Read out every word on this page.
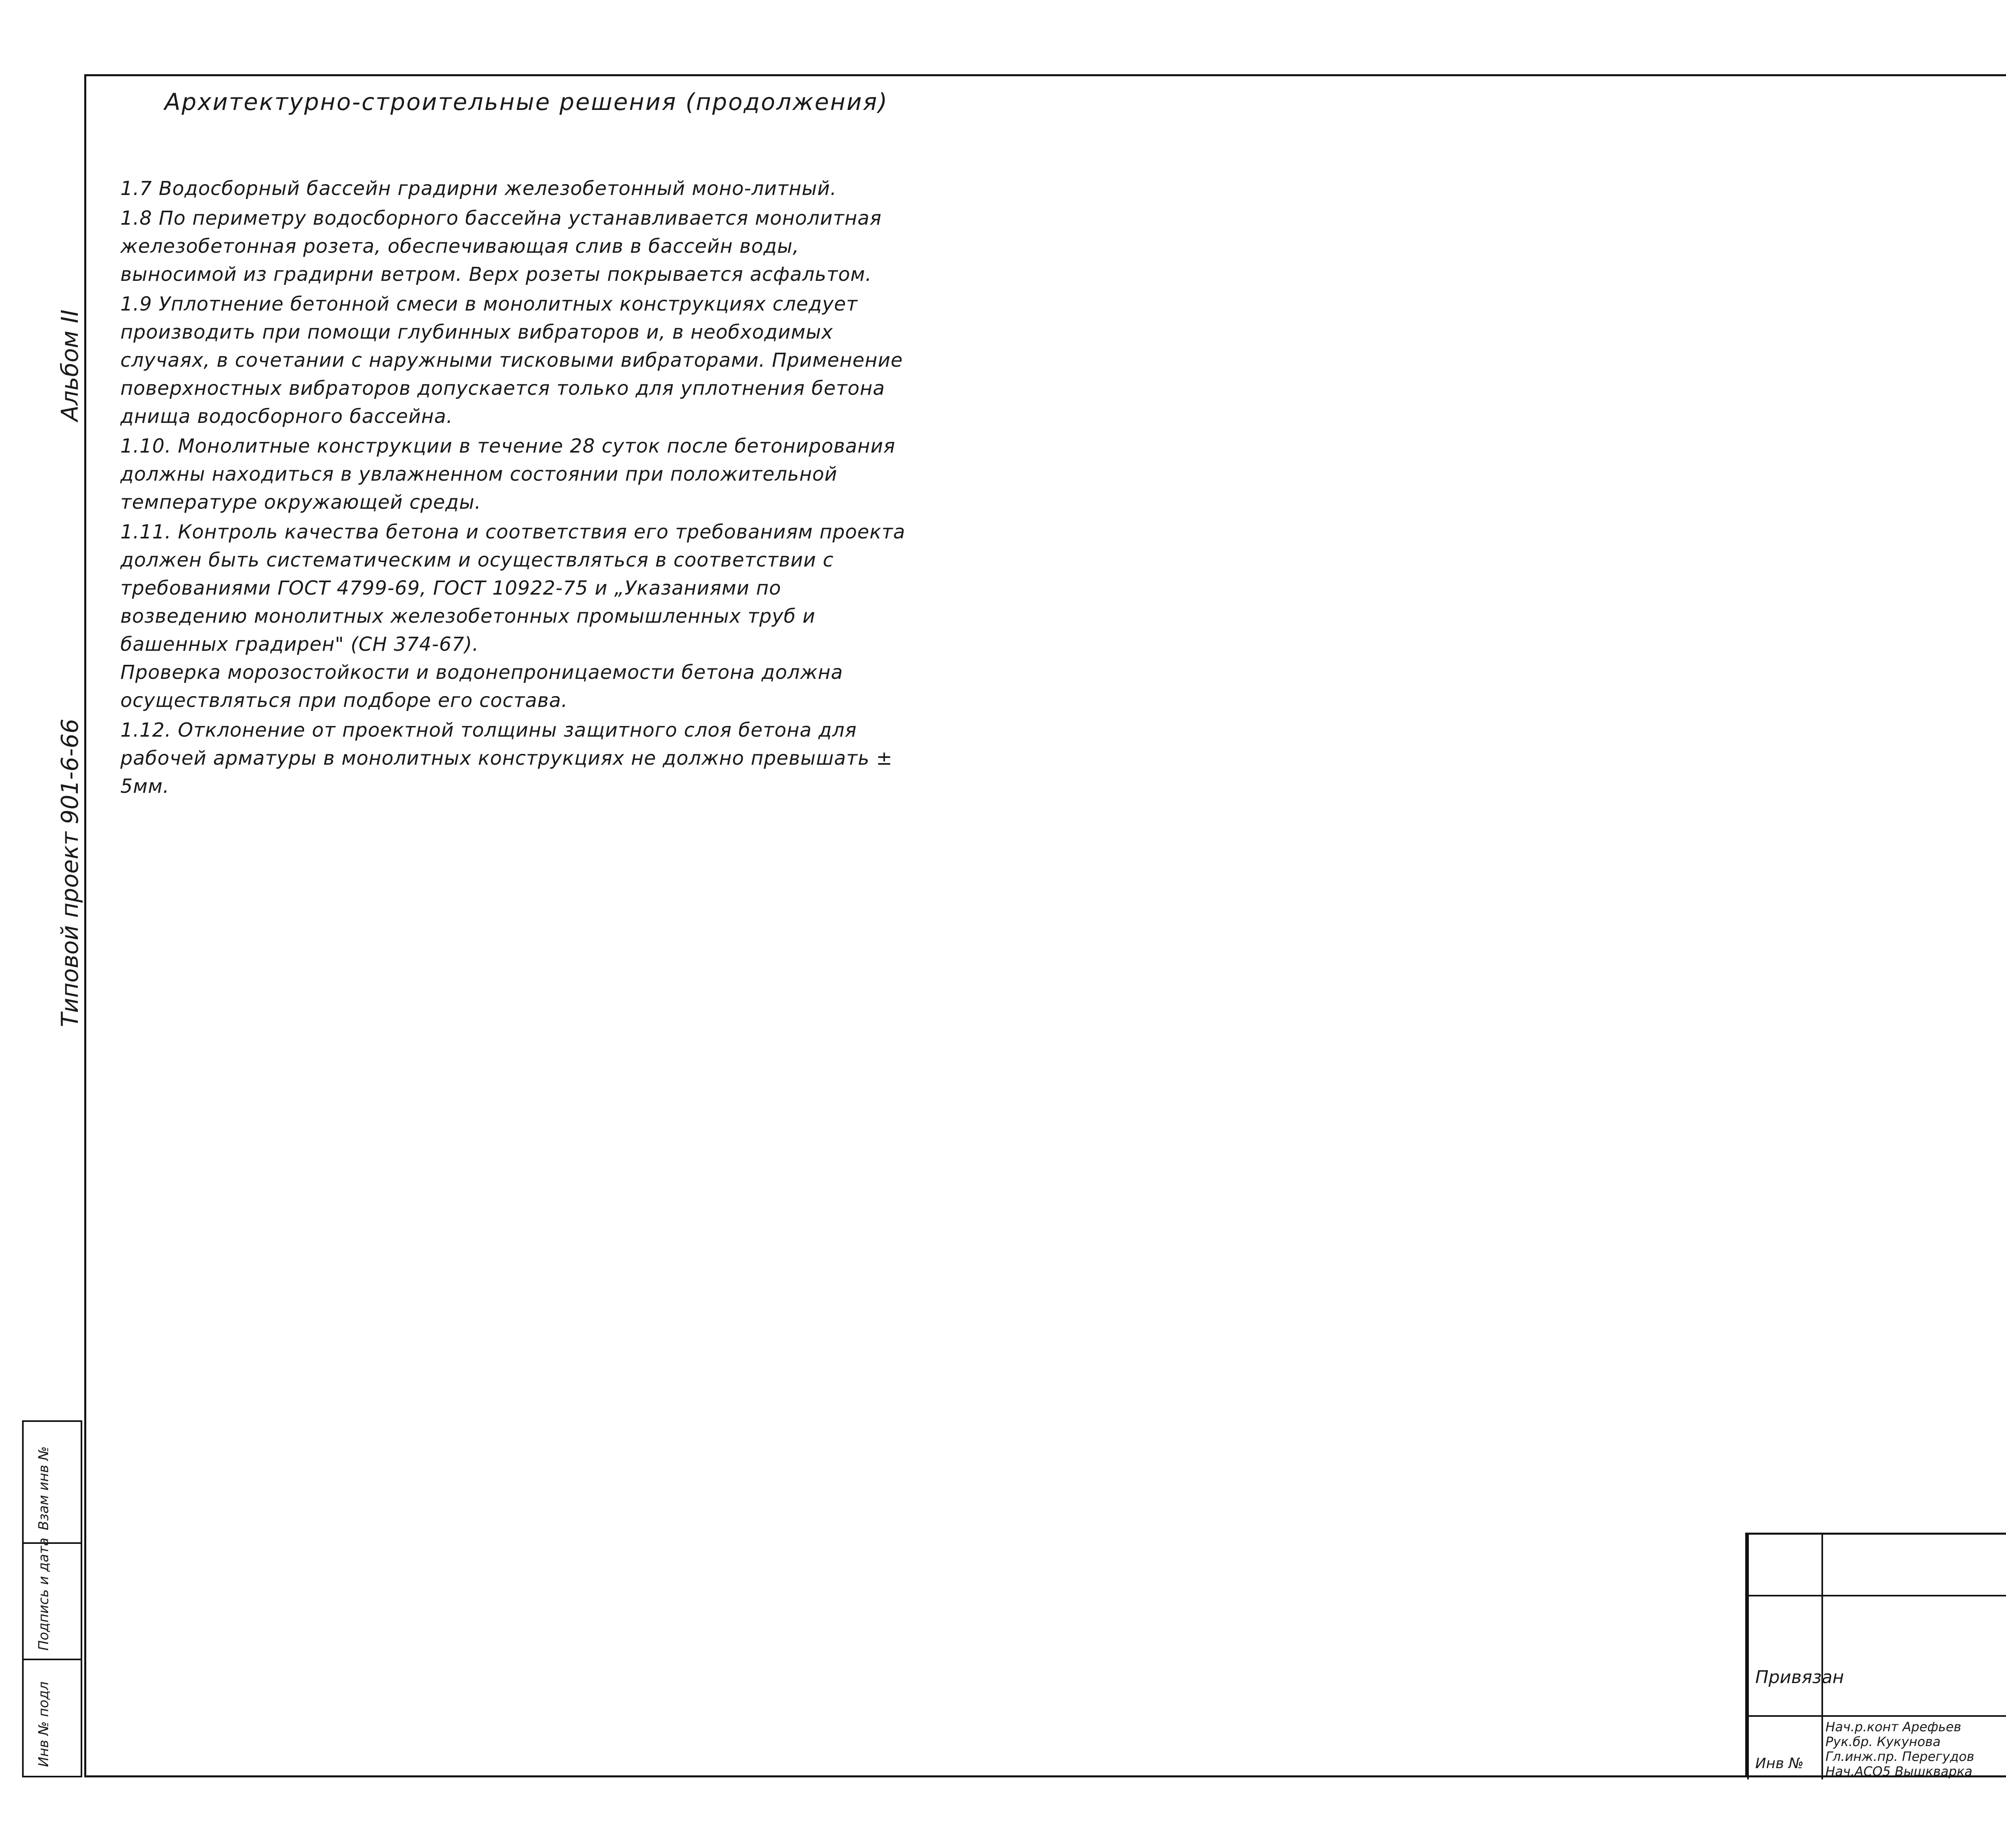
Архитектурно-строительные решения (продолжения)
Альбом II
Типовой проект 901-6-66
Взам инв №
Подпись и дата
Инв № подл

1.7 Водосборный бассейн градирни железобетонный моно-литный.

1.8 По периметру водосборного бассейна устанавливается монолитная железобетонная розета, обеспечивающая слив в бассейн воды, выносимой из градирни ветром. Верх розеты покрывается асфальтом.

1.9 Уплотнение бетонной смеси в монолитных конструкциях следует производить при помощи глубинных вибраторов и, в необходимых случаях, в сочетании с наружными тисковыми вибраторами. Применение поверхностных вибраторов допускается только для уплотнения бетона днища водосборного бассейна.

1.10. Монолитные конструкции в течение 28 суток после бетонирования должны находиться в увлажненном состоянии при положительной температуре окружающей среды.

1.11. Контроль качества бетона и соответствия его требованиям проекта должен быть систематическим и осуществляться в соответствии с требованиями ГОСТ 4799-69, ГОСТ 10922-75 и „Указаниями по возведению монолитных железобетонных промышленных труб и башенных градирен" (СН 374-67).
Проверка морозостойкости и водонепроницаемости бетона должна осуществляться при подборе его состава.

1.12. Отклонение от проектной толщины защитного слоя бетона для рабочей арматуры в монолитных конструкциях не должно превышать ± 5мм.

Привязан
Инв №
Нач.р.конт Арефьев
Рук.бр. Кукунова
Гл.инж.пр. Перегудов
Нач.АСО5 Вышкварка
